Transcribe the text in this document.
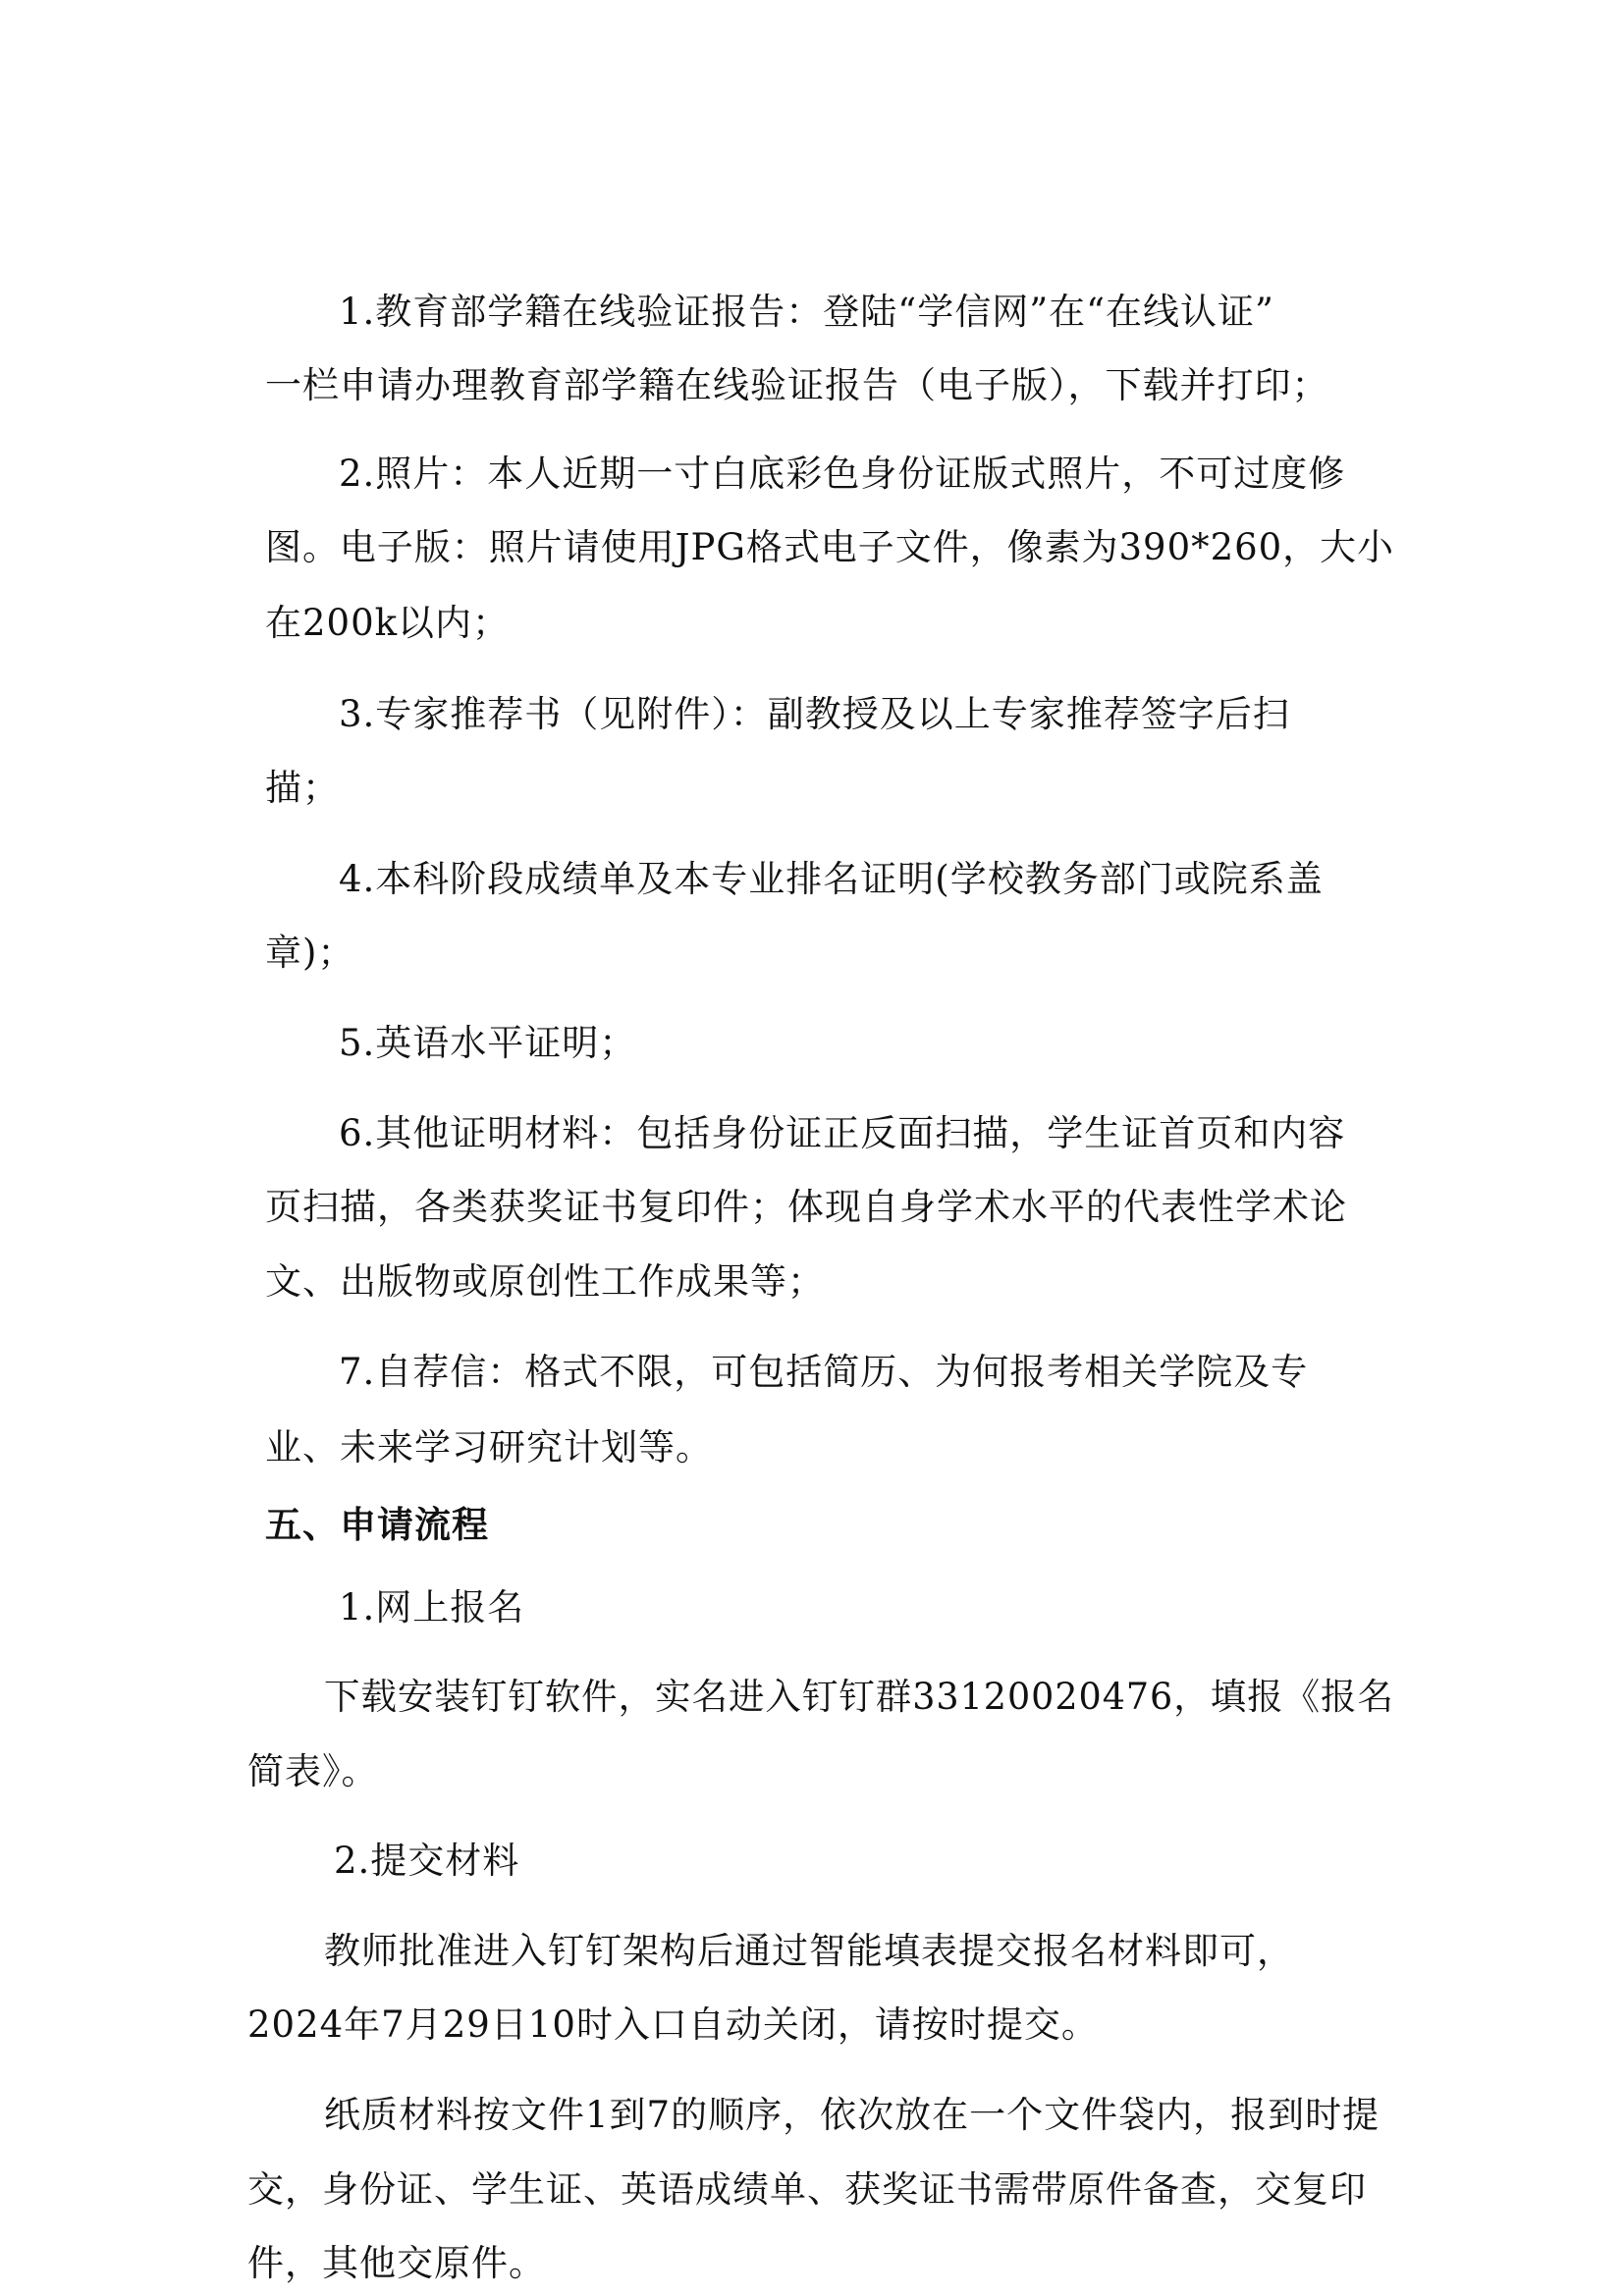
1.教育部学籍在线验证报告：登陆“学信网”在“在线认证”
一栏申请办理教育部学籍在线验证报告（电子版），下载并打印；
2.照片：本人近期一寸白底彩色身份证版式照片，不可过度修
图。电子版：照片请使用JPG格式电子文件，像素为390*260，大小
在200k以内；
3.专家推荐书（见附件）：副教授及以上专家推荐签字后扫
描；
4.本科阶段成绩单及本专业排名证明(学校教务部门或院系盖
章)；
5.英语水平证明；
6.其他证明材料：包括身份证正反面扫描，学生证首页和内容
页扫描，各类获奖证书复印件；体现自身学术水平的代表性学术论
文、出版物或原创性工作成果等；
7.自荐信：格式不限，可包括简历、为何报考相关学院及专
业、未来学习研究计划等。
五、申请流程
1.网上报名
下载安装钉钉软件，实名进入钉钉群33120020476，填报《报名
简表》。
2.提交材料
教师批准进入钉钉架构后通过智能填表提交报名材料即可，
2024年7月29日10时入口自动关闭，请按时提交。
纸质材料按文件1到7的顺序，依次放在一个文件袋内，报到时提
交，身份证、学生证、英语成绩单、获奖证书需带原件备查，交复印
件，其他交原件。
